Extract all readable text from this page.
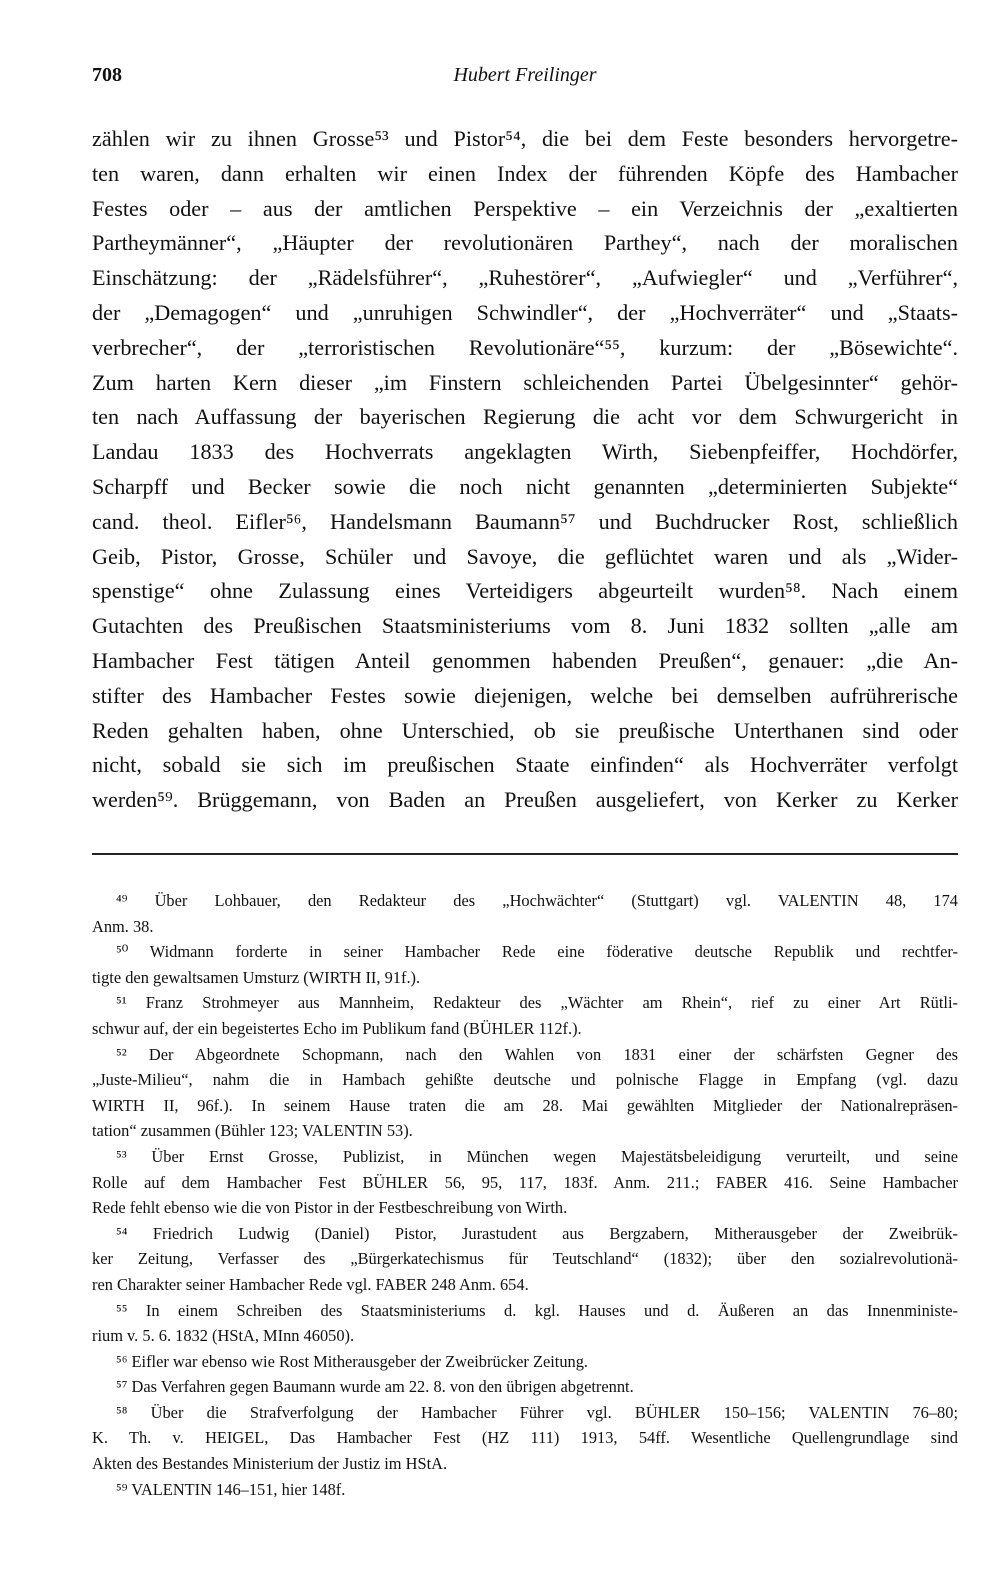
708	Hubert Freilinger
zählen wir zu ihnen Grosse⁵³ und Pistor⁵⁴, die bei dem Feste besonders hervorgetre-
ten waren, dann erhalten wir einen Index der führenden Köpfe des Hambacher
Festes oder – aus der amtlichen Perspektive – ein Verzeichnis der „exaltierten
Partheymänner“, „Häupter der revolutionären Parthey“, nach der moralischen
Einschätzung: der „Rädelsführer“, „Ruhestörer“, „Aufwiegler“ und „Verführer“,
der „Demagogen“ und „unruhigen Schwindler“, der „Hochverräter“ und „Staats-
verbrecher“, der „terroristischen Revolutionäre“⁵⁵, kurzum: der „Bösewichte“.
Zum harten Kern dieser „im Finstern schleichenden Partei Übelgesinnter“ gehör-
ten nach Auffassung der bayerischen Regierung die acht vor dem Schwurgericht in
Landau 1833 des Hochverrats angeklagten Wirth, Siebenpfeiffer, Hochdörfer,
Scharpff und Becker sowie die noch nicht genannten „determinierten Subjekte“
cand. theol. Eifler⁵⁶, Handelsmann Baumann⁵⁷ und Buchdrucker Rost, schließlich
Geib, Pistor, Grosse, Schüler und Savoye, die geflüchtet waren und als „Wider-
spenstige“ ohne Zulassung eines Verteidigers abgeurteilt wurden⁵⁸. Nach einem
Gutachten des Preußischen Staatsministeriums vom 8. Juni 1832 sollten „alle am
Hambacher Fest tätigen Anteil genommen habenden Preußen“, genauer: „die An-
stifter des Hambacher Festes sowie diejenigen, welche bei demselben aufrührerische
Reden gehalten haben, ohne Unterschied, ob sie preußische Unterthanen sind oder
nicht, sobald sie sich im preußischen Staate einfinden“ als Hochverräter verfolgt
werden⁵⁹. Brüggemann, von Baden an Preußen ausgeliefert, von Kerker zu Kerker
⁴⁹ Über Lohbauer, den Redakteur des „Hochwächter“ (Stuttgart) vgl. VALENTIN 48, 174
Anm. 38.
⁵⁰ Widmann forderte in seiner Hambacher Rede eine föderative deutsche Republik und rechtfer-
tigte den gewaltsamen Umsturz (WIRTH II, 91f.).
⁵¹ Franz Strohmeyer aus Mannheim, Redakteur des „Wächter am Rhein“, rief zu einer Art Rütli-
schwur auf, der ein begeistertes Echo im Publikum fand (BÜHLER 112f.).
⁵² Der Abgeordnete Schopmann, nach den Wahlen von 1831 einer der schärfsten Gegner des
„Juste-Milieu“, nahm die in Hambach gehißte deutsche und polnische Flagge in Empfang (vgl. dazu
WIRTH II, 96f.). In seinem Hause traten die am 28. Mai gewählten Mitglieder der Nationalrepräsen-
tation“ zusammen (Bühler 123; VALENTIN 53).
⁵³ Über Ernst Grosse, Publizist, in München wegen Majestätsbeleidigung verurteilt, und seine
Rolle auf dem Hambacher Fest BÜHLER 56, 95, 117, 183f. Anm. 211.; FABER 416. Seine Hambacher
Rede fehlt ebenso wie die von Pistor in der Festbeschreibung von Wirth.
⁵⁴ Friedrich Ludwig (Daniel) Pistor, Jurastudent aus Bergzabern, Mitherausgeber der Zweibrük-
ker Zeitung, Verfasser des „Bürgerkatechismus für Teutschland“ (1832); über den sozialrevolutionä-
ren Charakter seiner Hambacher Rede vgl. FABER 248 Anm. 654.
⁵⁵ In einem Schreiben des Staatsministeriums d. kgl. Hauses und d. Äußeren an das Innenministe-
rium v. 5. 6. 1832 (HStA, MInn 46050).
⁵⁶ Eifler war ebenso wie Rost Mitherausgeber der Zweibrücker Zeitung.
⁵⁷ Das Verfahren gegen Baumann wurde am 22. 8. von den übrigen abgetrennt.
⁵⁸ Über die Strafverfolgung der Hambacher Führer vgl. BÜHLER 150–156; VALENTIN 76–80;
K. Th. v. HEIGEL, Das Hambacher Fest (HZ 111) 1913, 54ff. Wesentliche Quellengrundlage sind
Akten des Bestandes Ministerium der Justiz im HStA.
⁵⁹ VALENTIN 146–151, hier 148f.
